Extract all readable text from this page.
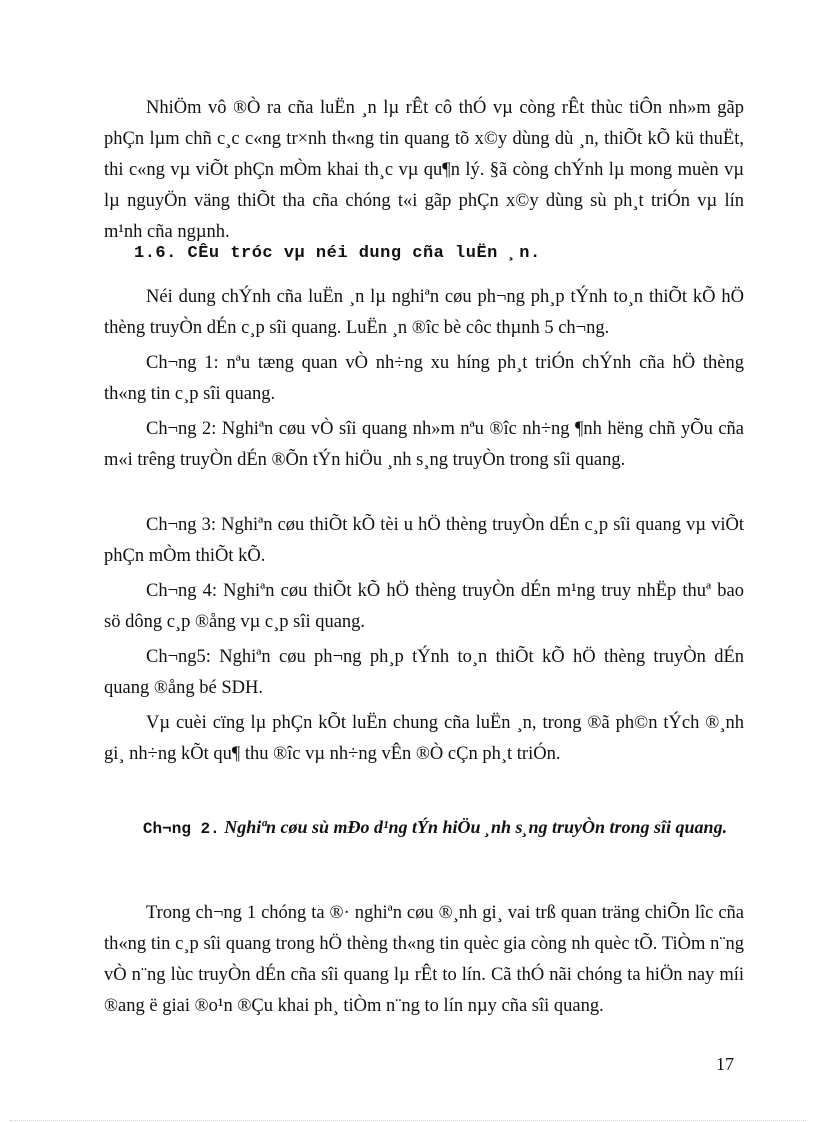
NhiÖm vô ®Ò ra cña luËn ¸n lµ rÊt cô thÓ vµ còng rÊt thùc tiÔn nh»m gãp phÇn lµm chñ c¸c c«ng tr×nh th«ng tin quang tõ x©y dùng dù ¸n, thiÕt kÕ kü thuËt, thi c«ng vµ viÕt phÇn mÒm khai th¸c vµ qu¶n lý. §ã còng chÝnh lµ mong muèn vµ lµ nguyÖn väng thiÕt tha cña chóng t«i gãp phÇn x©y dùng sù ph¸t triÓn vµ lín m¹nh cña ngµnh.

1.6. CÊu tróc vµ néi dung cña luËn ¸n.

Néi dung chÝnh cña luËn ¸n lµ nghiªn cøu ph¬ng ph¸p tÝnh to¸n thiÕt kÕ hÖ thèng truyÒn dÉn c¸p sîi quang. LuËn ¸n ®îc bè côc thµnh 5 ch¬ng.

Ch¬ng 1: nªu tæng quan vÒ nh÷ng xu híng ph¸t triÓn chÝnh cña hÖ thèng th«ng tin c¸p sîi quang.

Ch¬ng 2: Nghiªn cøu vÒ sîi quang nh»m nªu ®îc nh÷ng ¶nh hëng chñ yÕu cña m«i trêng truyÒn dÉn ®Õn tÝn hiÖu ¸nh s¸ng truyÒn trong sîi quang.

Ch¬ng 3: Nghiªn cøu thiÕt kÕ tèi u hÖ thèng truyÒn dÉn c¸p sîi quang vµ viÕt phÇn mÒm thiÕt kÕ.

Ch¬ng 4: Nghiªn cøu thiÕt kÕ hÖ thèng truyÒn dÉn m¹ng truy nhËp thuª bao sö dông c¸p ®ång vµ c¸p sîi quang.

Ch¬ng5: Nghiªn cøu ph¬ng ph¸p tÝnh to¸n thiÕt kÕ hÖ thèng truyÒn dÉn quang ®ång bé SDH.

Vµ cuèi cïng lµ phÇn kÕt luËn chung cña luËn ¸n, trong ®ã ph©n tÝch ®¸nh gi¸ nh÷ng kÕt qu¶ thu ®îc vµ nh÷ng vÊn ®Ò cÇn ph¸t triÓn.

Ch¬ng 2. Nghiªn cøu sù mÐo d¹ng tÝn hiÖu ¸nh s¸ng truyÒn trong sîi quang.

Trong ch¬ng 1 chóng ta ®· nghiªn cøu ®¸nh gi¸ vai trß quan träng chiÕn lîc cña th«ng tin c¸p sîi quang trong hÖ thèng th«ng tin quèc gia còng nh quèc tÕ. TiÒm n¨ng vÒ n¨ng lùc truyÒn dÉn cña sîi quang lµ rÊt to lín. Cã thÓ nãi chóng ta hiÖn nay míi ®ang ë giai ®o¹n ®Çu khai ph¸ tiÒm n¨ng to lín nµy cña sîi quang.

17
